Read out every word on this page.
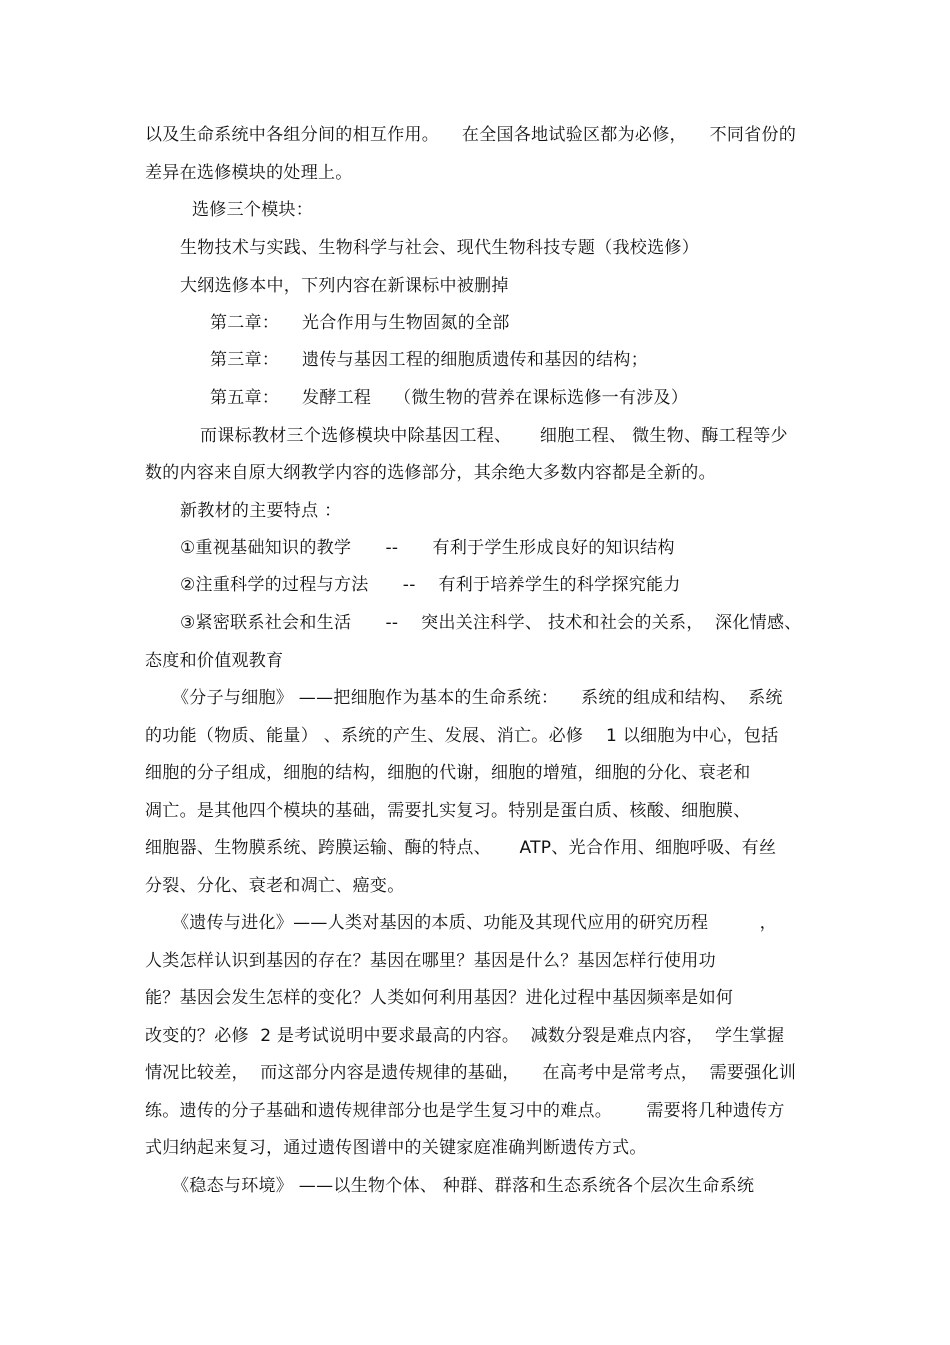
以及生命系统中各组分间的相互作用。    在全国各地试验区都为必修，    不同省份的
差异在选修模块的处理上。
选修三个模块：
生物技术与实践、生物科学与社会、现代生物科技专题（我校选修）
大纲选修本中，下列内容在新课标中被删掉
第二章：    光合作用与生物固氮的全部
第三章：    遗传与基因工程的细胞质遗传和基因的结构；
第五章：    发酵工程    （微生物的营养在课标选修一有涉及）
而课标教材三个选修模块中除基因工程、     细胞工程、 微生物、酶工程等少
数的内容来自原大纲教学内容的选修部分，其余绝大多数内容都是全新的。
新教材的主要特点 ：
①重视基础知识的教学      --      有利于学生形成良好的知识结构
②注重科学的过程与方法      --    有利于培养学生的科学探究能力
③紧密联系社会和生活      --    突出关注科学、 技术和社会的关系，  深化情感、
态度和价值观教育
《分子与细胞》 ——把细胞作为基本的生命系统：    系统的组成和结构、  系统
的功能（物质、能量） 、系统的产生、发展、消亡。必修    1 以细胞为中心，包括
细胞的分子组成，细胞的结构，细胞的代谢，细胞的增殖，细胞的分化、衰老和
凋亡。是其他四个模块的基础，需要扎实复习。特别是蛋白质、核酸、细胞膜、
细胞器、生物膜系统、跨膜运输、酶的特点、     ATP、光合作用、细胞呼吸、有丝
分裂、分化、衰老和凋亡、癌变。
《遗传与进化》——人类对基因的本质、功能及其现代应用的研究历程         ，
人类怎样认识到基因的存在？基因在哪里？基因是什么？基因怎样行使用功
能？基因会发生怎样的变化？人类如何利用基因？进化过程中基因频率是如何
改变的？必修  2 是考试说明中要求最高的内容。  减数分裂是难点内容，  学生掌握
情况比较差，  而这部分内容是遗传规律的基础，    在高考中是常考点，  需要强化训
练。遗传的分子基础和遗传规律部分也是学生复习中的难点。      需要将几种遗传方
式归纳起来复习，通过遗传图谱中的关键家庭准确判断遗传方式。
《稳态与环境》 ——以生物个体、 种群、群落和生态系统各个层次生命系统
